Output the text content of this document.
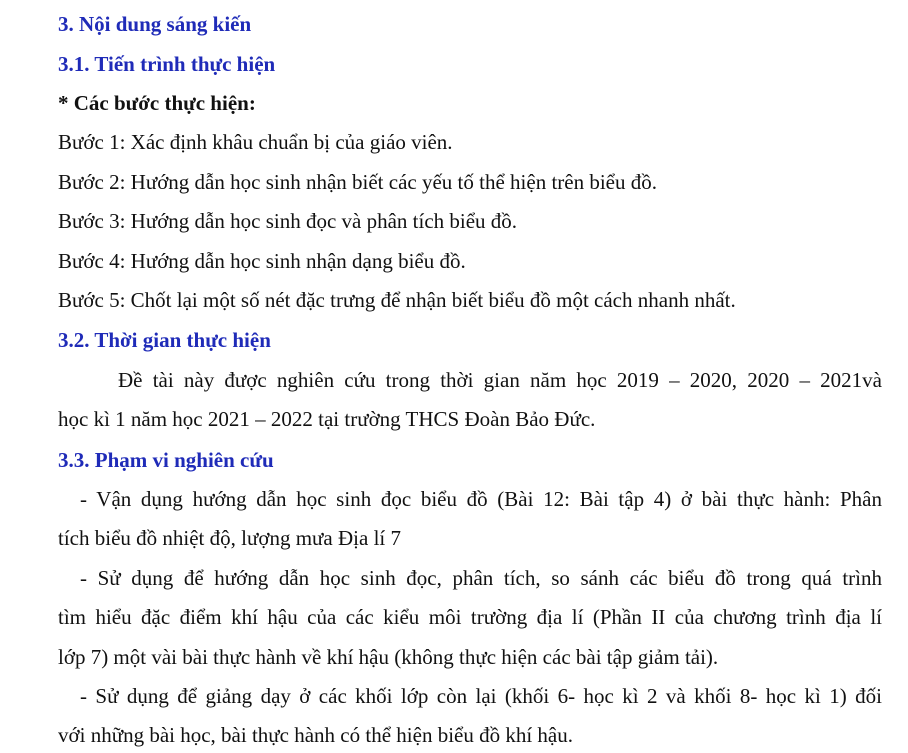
3. Nội dung sáng kiến
3.1. Tiến trình thực hiện
* Các bước thực hiện:
Bước 1: Xác định khâu chuẩn bị của giáo viên.
Bước 2: Hướng dẫn học sinh nhận biết các yếu tố thể hiện trên biểu đồ.
Bước 3: Hướng dẫn học sinh đọc và phân tích biểu đồ.
Bước 4: Hướng dẫn học sinh nhận dạng biểu đồ.
Bước 5: Chốt lại một số nét đặc trưng để nhận biết biểu đồ một cách nhanh nhất.
3.2. Thời gian thực hiện
Đề tài này được nghiên cứu trong thời gian năm học 2019 – 2020, 2020 – 2021và
học kì 1 năm học 2021 – 2022 tại trường THCS Đoàn Bảo Đức.
3.3. Phạm vi nghiên cứu
- Vận dụng hướng dẫn học sinh đọc biểu đồ (Bài 12: Bài tập 4) ở bài thực hành: Phân
tích biểu đồ nhiệt độ, lượng mưa Địa lí 7
- Sử dụng để hướng dẫn học sinh đọc, phân tích, so sánh các biểu đồ trong quá trình
tìm hiểu đặc điểm khí hậu của các kiểu môi trường địa lí (Phần II của chương trình địa lí
lớp 7) một vài bài thực hành về khí hậu (không thực hiện các bài tập giảm tải).
- Sử dụng để giảng dạy ở các khối lớp còn lại (khối 6- học kì 2 và khối 8- học kì 1) đối
với những bài học, bài thực hành có thể hiện biểu đồ khí hậu.
